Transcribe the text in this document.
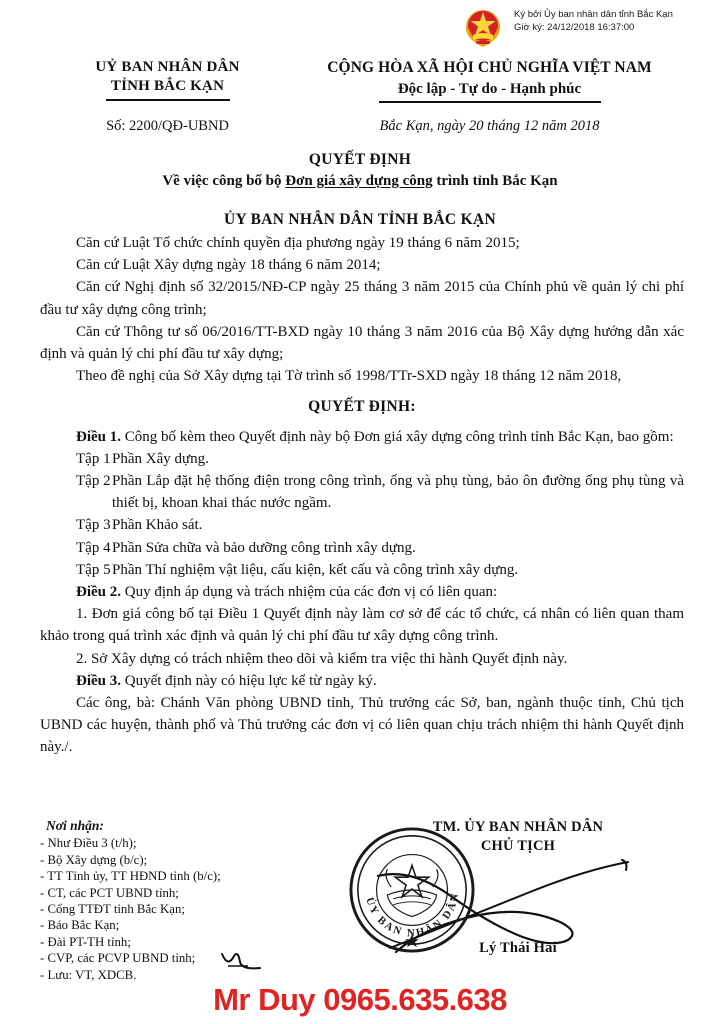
Ký bởi Ủy ban nhân dân tỉnh Bắc Kạn
Giờ ký: 24/12/2018 16:37:00
UỶ BAN NHÂN DÂN
TỈNH BẮC KẠN
CỘNG HÒA XÃ HỘI CHỦ NGHĨA VIỆT NAM
Độc lập - Tự do - Hạnh phúc
Số: 2200/QĐ-UBND	Bắc Kạn, ngày 20 tháng 12 năm 2018
QUYẾT ĐỊNH
Về việc công bố bộ Đơn giá xây dựng công trình tỉnh Bắc Kạn
ỦY BAN NHÂN DÂN TỈNH BẮC KẠN

Căn cứ Luật Tổ chức chính quyền địa phương ngày 19 tháng 6 năm 2015;

Căn cứ Luật Xây dựng ngày 18 tháng 6 năm 2014;

Căn cứ Nghị định số 32/2015/NĐ-CP ngày 25 tháng 3 năm 2015 của Chính phủ về quản lý chi phí đầu tư xây dựng công trình;

Căn cứ Thông tư số 06/2016/TT-BXD ngày 10 tháng 3 năm 2016 của Bộ Xây dựng hướng dẫn xác định và quản lý chi phí đầu tư xây dựng;

Theo đề nghị của Sở Xây dựng tại Tờ trình số 1998/TTr-SXD ngày 18 tháng 12 năm 2018,

QUYẾT ĐỊNH:

Điều 1. Công bố kèm theo Quyết định này bộ Đơn giá xây dựng công trình tỉnh Bắc Kạn, bao gồm:

Tập 1 Phần Xây dựng.
Tập 2 Phần Lắp đặt hệ thống điện trong công trình, ống và phụ tùng, bảo ôn đường ống phụ tùng và thiết bị, khoan khai thác nước ngầm.
Tập 3 Phần Khảo sát.
Tập 4 Phần Sửa chữa và bảo dưỡng công trình xây dựng.
Tập 5 Phần Thí nghiệm vật liệu, cấu kiện, kết cấu và công trình xây dựng.

Điều 2. Quy định áp dụng và trách nhiệm của các đơn vị có liên quan:

1. Đơn giá công bố tại Điều 1 Quyết định này làm cơ sở để các tổ chức, cá nhân có liên quan tham khảo trong quá trình xác định và quản lý chi phí đầu tư xây dựng công trình.

2. Sở Xây dựng có trách nhiệm theo dõi và kiểm tra việc thi hành Quyết định này.

Điều 3. Quyết định này có hiệu lực kể từ ngày ký.

Các ông, bà: Chánh Văn phòng UBND tỉnh, Thủ trưởng các Sở, ban, ngành thuộc tỉnh, Chủ tịch UBND các huyện, thành phố và Thủ trưởng các đơn vị có liên quan chịu trách nhiệm thi hành Quyết định này./.

Nơi nhận:
- Như Điều 3 (t/h);
- Bộ Xây dựng (b/c);
- TT Tỉnh ủy, TT HĐND tỉnh (b/c);
- CT, các PCT UBND tỉnh;
- Cổng TTĐT tỉnh Bắc Kạn;
- Báo Bắc Kạn;
- Đài PT-TH tỉnh;
- CVP, các PCVP UBND tỉnh;
- Lưu: VT, XDCB.
TM. ỦY BAN NHÂN DÂN
CHỦ TỊCH
ỦY BAN NHÂN DÂN
Lý Thái Hải
Mr Duy 0965.635.638
